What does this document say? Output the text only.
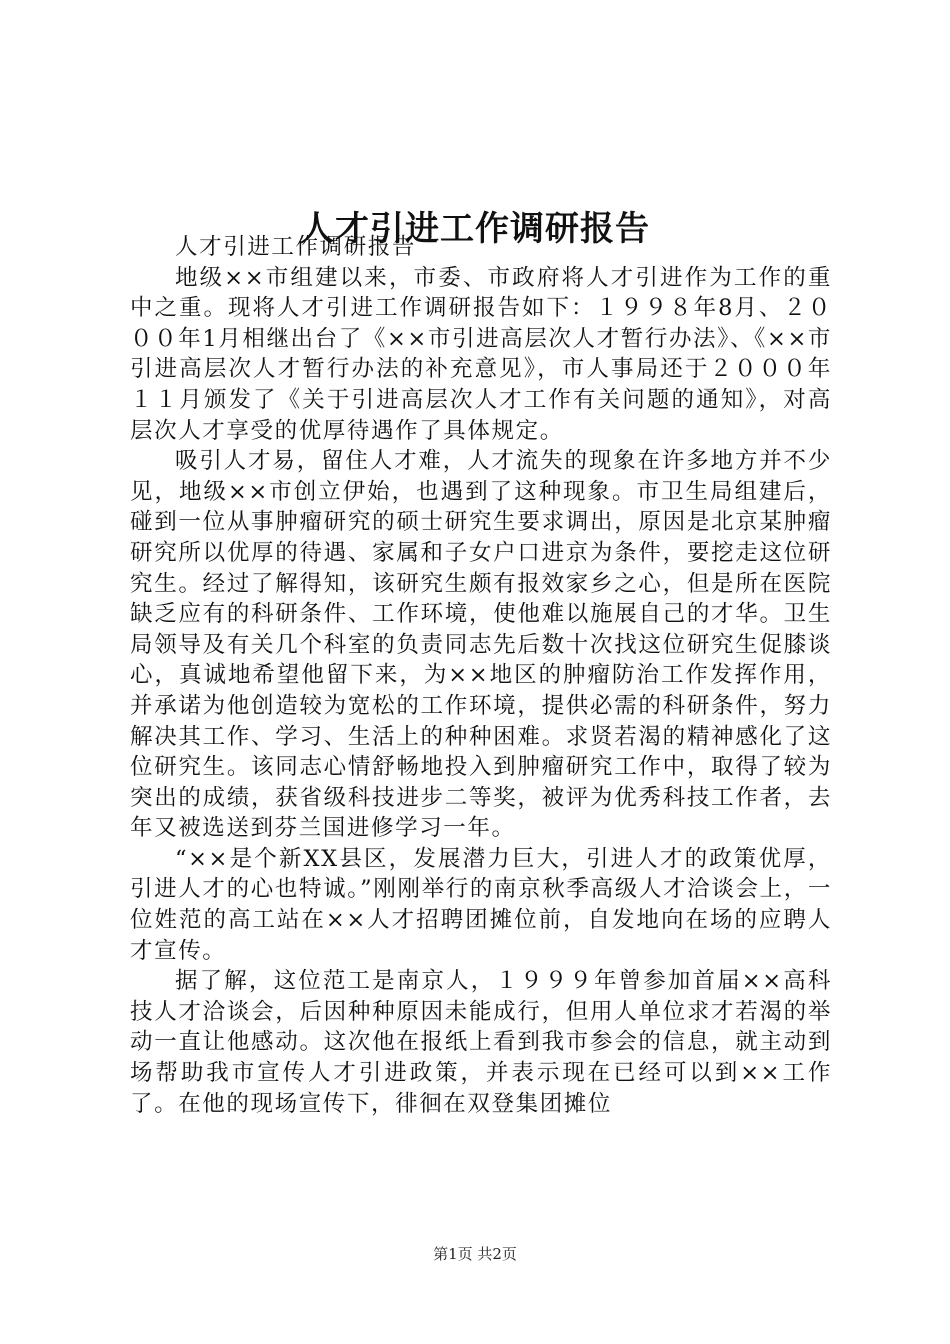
人才引进工作调研报告

人才引进工作调研报告

地级××市组建以来，市委、市政府将人才引进作为工作的重中之重。现将人才引进工作调研报告如下：１９９８年8月、２０００年1月相继出台了《××市引进高层次人才暂行办法》、《××市引进高层次人才暂行办法的补充意见》，市人事局还于２０００年１１月颁发了《关于引进高层次人才工作有关问题的通知》，对高层次人才享受的优厚待遇作了具体规定。

吸引人才易，留住人才难，人才流失的现象在许多地方并不少见，地级××市创立伊始，也遇到了这种现象。市卫生局组建后，碰到一位从事肿瘤研究的硕士研究生要求调出，原因是北京某肿瘤研究所以优厚的待遇、家属和子女户口进京为条件，要挖走这位研究生。经过了解得知，该研究生颇有报效家乡之心，但是所在医院缺乏应有的科研条件、工作环境，使他难以施展自己的才华。卫生局领导及有关几个科室的负责同志先后数十次找这位研究生促膝谈心，真诚地希望他留下来，为××地区的肿瘤防治工作发挥作用，并承诺为他创造较为宽松的工作环境，提供必需的科研条件，努力解决其工作、学习、生活上的种种困难。求贤若渴的精神感化了这位研究生。该同志心情舒畅地投入到肿瘤研究工作中，取得了较为突出的成绩，获省级科技进步二等奖，被评为优秀科技工作者，去年又被选送到芬兰国进修学习一年。

“××是个新XX县区，发展潜力巨大，引进人才的政策优厚，引进人才的心也特诚。”刚刚举行的南京秋季高级人才洽谈会上，一位姓范的高工站在××人才招聘团摊位前，自发地向在场的应聘人才宣传。

据了解，这位范工是南京人，１９９９年曾参加首届××高科技人才洽谈会，后因种种原因未能成行，但用人单位求才若渴的举动一直让他感动。这次他在报纸上看到我市参会的信息，就主动到场帮助我市宣传人才引进政策，并表示现在已经可以到××工作了。在他的现场宣传下，徘徊在双登集团摊位

第1页 共2页
